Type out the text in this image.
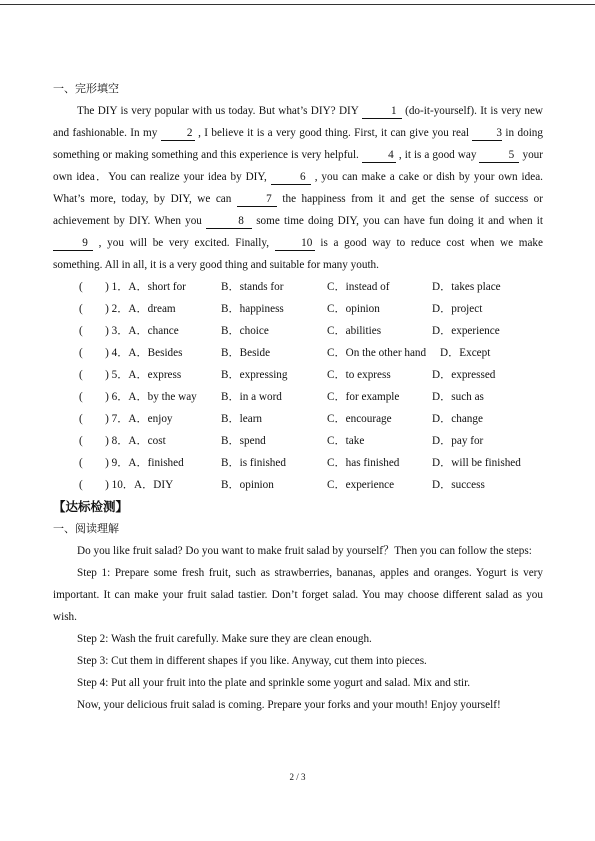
一、完形填空

The DIY is very popular with us today. But what’s DIY? DIY	1 (do-it-yourself). It is very new and fashionable. In my 2 , I believe it is a very good thing. First, it can give you real 3 in doing something or making something and this experience is very helpful. 4 , it is a good way	5 your own idea．You can realize your idea by DIY,	6 , you can make a cake or dish by your own idea. What’s more, today, by DIY, we can	7 the happiness from it and get the sense of success or achievement by DIY. When you	8 some time doing DIY, you can have fun doing it and when it 9 , you will be very excited. Finally, 10 is a good way to reduce cost when we make something. All in all, it is a very good thing and suitable for many youth.

(　　) 1．A．short for	B．stands for	C．instead of	D．takes place
(　　) 2．A．dream	B．happiness	C．opinion	D．project
(　　) 3．A．chance	B．choice	C．abilities	D．experience
(　　) 4．A．Besides	B．Beside	C．On the other hand D．Except
(　　) 5．A．express	B．expressing	C．to express	D．expressed
(　　) 6．A．by the way B．in a word	C．for example	D．such as
(　　) 7．A．enjoy	B．learn	C．encourage	D．change
(　　) 8．A．cost	B．spend	C．take	D．pay for
(　　) 9．A．finished	B．is finished	C．has finished	D．will be finished
(　　) 10．A．DIY	B．opinion	C．experience	D．success

【达标检测】

一、阅读理解

Do you like fruit salad? Do you want to make fruit salad by yourself？Then you can follow the steps:

Step 1: Prepare some fresh fruit, such as strawberries, bananas, apples and oranges. Yogurt is very important. It can make your fruit salad tastier. Don’t forget salad. You may choose different salad as you wish.

Step 2: Wash the fruit carefully. Make sure they are clean enough.

Step 3: Cut them in different shapes if you like. Anyway, cut them into pieces.

Step 4: Put all your fruit into the plate and sprinkle some yogurt and salad. Mix and stir.

Now, your delicious fruit salad is coming. Prepare your forks and your mouth! Enjoy yourself!

2 / 3
